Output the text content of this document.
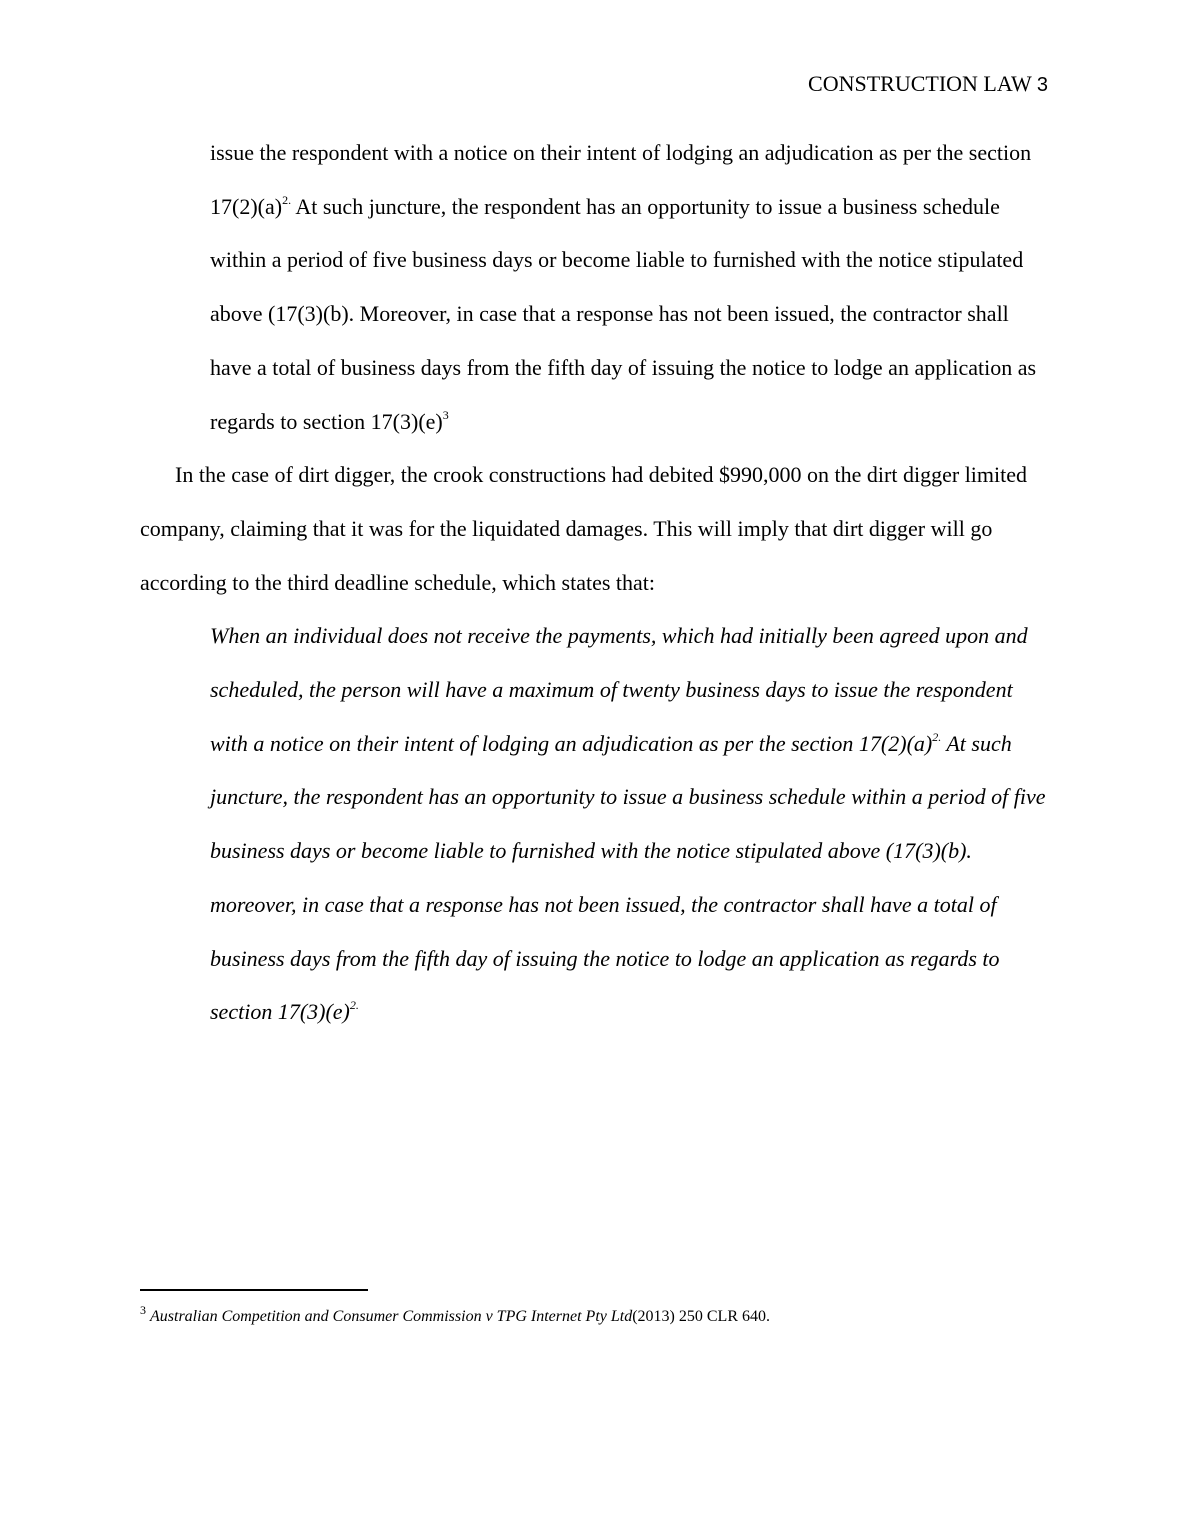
CONSTRUCTION LAW 3

issue the respondent with a notice on their intent of lodging an adjudication as per the section $17(2)(a)^{2.}$ At such juncture, the respondent has an opportunity to issue a business schedule within a period of five business days or become liable to furnished with the notice stipulated above (17(3)(b). Moreover, in case that a response has not been issued, the contractor shall have a total of business days from the fifth day of issuing the notice to lodge an application as regards to section $17(3)(e)^3$

In the case of dirt digger, the crook constructions had debited $990,000 on the dirt digger limited company, claiming that it was for the liquidated damages. This will imply that dirt digger will go according to the third deadline schedule, which states that:

When an individual does not receive the payments, which had initially been agreed upon and scheduled, the person will have a maximum of twenty business days to issue the respondent with a notice on their intent of lodging an adjudication as per the section $17(2)(a)^{2.}$ At such juncture, the respondent has an opportunity to issue a business schedule within a period of five business days or become liable to furnished with the notice stipulated above (17(3)(b). moreover, in case that a response has not been issued, the contractor shall have a total of business days from the fifth day of issuing the notice to lodge an application as regards to section $17(3)(e)^{2.}$

$^3$ Australian Competition and Consumer Commission v TPG Internet Pty Ltd(2013) 250 CLR 640.
